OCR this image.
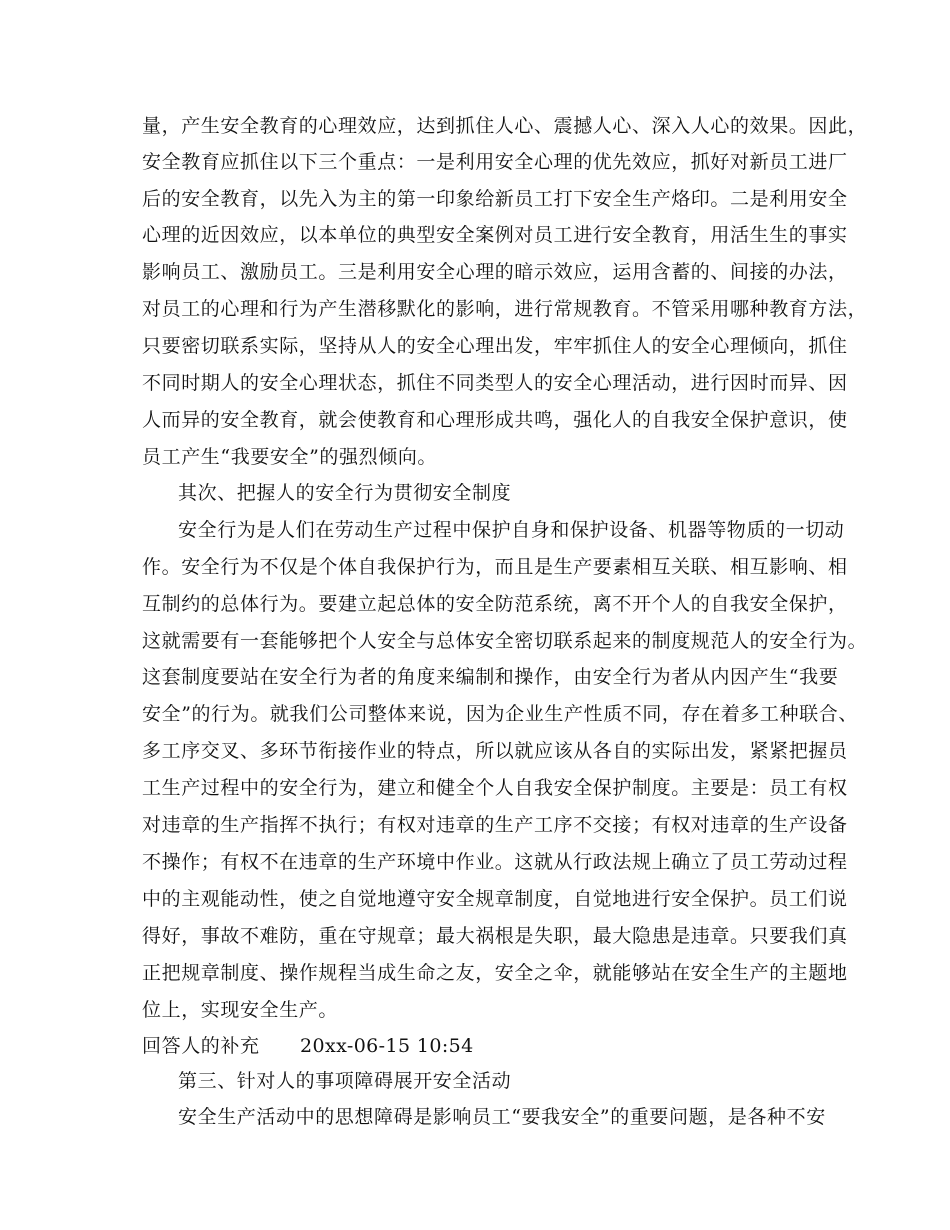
量，产生安全教育的心理效应，达到抓住人心、震撼人心、深入人心的效果。因此，
安全教育应抓住以下三个重点：一是利用安全心理的优先效应，抓好对新员工进厂
后的安全教育，以先入为主的第一印象给新员工打下安全生产烙印。二是利用安全
心理的近因效应，以本单位的典型安全案例对员工进行安全教育，用活生生的事实
影响员工、激励员工。三是利用安全心理的暗示效应，运用含蓄的、间接的办法，
对员工的心理和行为产生潜移默化的影响，进行常规教育。不管采用哪种教育方法，
只要密切联系实际，坚持从人的安全心理出发，牢牢抓住人的安全心理倾向，抓住
不同时期人的安全心理状态，抓住不同类型人的安全心理活动，进行因时而异、因
人而异的安全教育，就会使教育和心理形成共鸣，强化人的自我安全保护意识，使
员工产生“我要安全”的强烈倾向。
其次、把握人的安全行为贯彻安全制度
安全行为是人们在劳动生产过程中保护自身和保护设备、机器等物质的一切动
作。安全行为不仅是个体自我保护行为，而且是生产要素相互关联、相互影响、相
互制约的总体行为。要建立起总体的安全防范系统，离不开个人的自我安全保护，
这就需要有一套能够把个人安全与总体安全密切联系起来的制度规范人的安全行为。
这套制度要站在安全行为者的角度来编制和操作，由安全行为者从内因产生“我要
安全”的行为。就我们公司整体来说，因为企业生产性质不同，存在着多工种联合、
多工序交叉、多环节衔接作业的特点，所以就应该从各自的实际出发，紧紧把握员
工生产过程中的安全行为，建立和健全个人自我安全保护制度。主要是：员工有权
对违章的生产指挥不执行；有权对违章的生产工序不交接；有权对违章的生产设备
不操作；有权不在违章的生产环境中作业。这就从行政法规上确立了员工劳动过程
中的主观能动性，使之自觉地遵守安全规章制度，自觉地进行安全保护。员工们说
得好，事故不难防，重在守规章；最大祸根是失职，最大隐患是违章。只要我们真
正把规章制度、操作规程当成生命之友，安全之伞，就能够站在安全生产的主题地
位上，实现安全生产。
回答人的补充 20xx-06-15 10:54
第三、针对人的事项障碍展开安全活动
安全生产活动中的思想障碍是影响员工“要我安全”的重要问题，是各种不安
